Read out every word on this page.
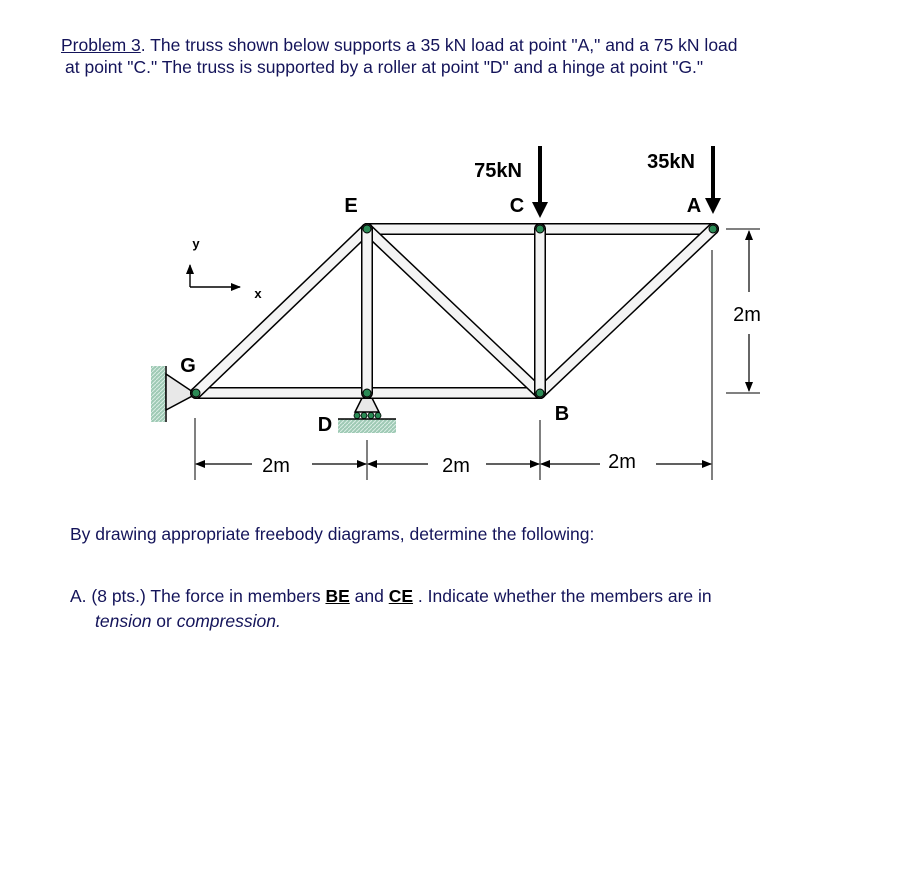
Problem 3. The truss shown below supports a 35 kN load at point "A," and a 75 kN load
at point "C." The truss is supported by a roller at point "D" and a hinge at point "G."
75kN	35kN
E	C	A
G
D	B
y
x
2m	2m	2m
2m
By drawing appropriate freebody diagrams, determine the following:
A. (8 pts.) The force in members BE and CE . Indicate whether the members are in
tension or compression.
